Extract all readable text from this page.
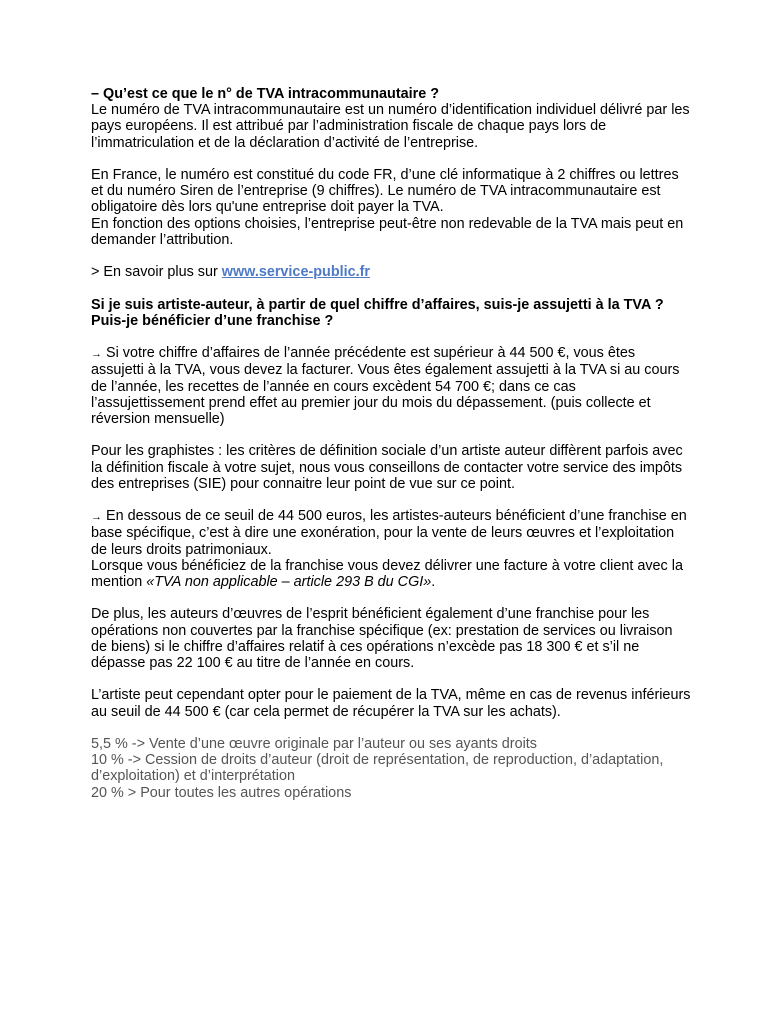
– Qu’est ce que le n° de TVA intracommunautaire ?

Le numéro de TVA intracommunautaire est un numéro d’identification individuel délivré par les pays européens. Il est attribué par l’administration fiscale de chaque pays lors de l’immatriculation et de la déclaration d’activité de l’entreprise.

En France, le numéro est constitué du code FR, d’une clé informatique à 2 chiffres ou lettres et du numéro Siren de l’entreprise (9 chiffres). Le numéro de TVA intracommunautaire est obligatoire dès lors qu'une entreprise doit payer la TVA.

En fonction des options choisies, l’entreprise peut-être non redevable de la TVA mais peut en demander l’attribution.

> En savoir plus sur www.service-public.fr

Si je suis artiste-auteur, à partir de quel chiffre d’affaires, suis-je assujetti à la TVA ? Puis-je bénéficier d’une franchise ?

→ Si votre chiffre d’affaires de l’année précédente est supérieur à 44 500 €, vous êtes assujetti à la TVA, vous devez la facturer. Vous êtes également assujetti à la TVA si au cours de l’année, les recettes de l’année en cours excèdent 54 700 €; dans ce cas l’assujettissement prend effet au premier jour du mois du dépassement. (puis collecte et réversion mensuelle)

Pour les graphistes : les critères de définition sociale d’un artiste auteur diffèrent parfois avec la définition fiscale à votre sujet, nous vous conseillons de contacter votre service des impôts des entreprises (SIE) pour connaitre leur point de vue sur ce point.

→ En dessous de ce seuil de 44 500 euros, les artistes-auteurs bénéficient d’une franchise en base spécifique, c’est à dire une exonération, pour la vente de leurs œuvres et l’exploitation de leurs droits patrimoniaux.

Lorsque vous bénéficiez de la franchise vous devez délivrer une facture à votre client avec la mention «TVA non applicable – article 293 B du CGI».

De plus, les auteurs d’œuvres de l’esprit bénéficient également d’une franchise pour les opérations non couvertes par la franchise spécifique (ex: prestation de services ou livraison de biens) si le chiffre d’affaires relatif à ces opérations n’excède pas 18 300 € et s’il ne dépasse pas 22 100 € au titre de l’année en cours.

L’artiste peut cependant opter pour le paiement de la TVA, même en cas de revenus inférieurs au seuil de 44 500 € (car cela permet de récupérer la TVA sur les achats).

5,5 % -> Vente d’une œuvre originale par l’auteur ou ses ayants droits

10 % -> Cession de droits d’auteur (droit de représentation, de reproduction, d’adaptation, d’exploitation) et d’interprétation

20 % > Pour toutes les autres opérations
